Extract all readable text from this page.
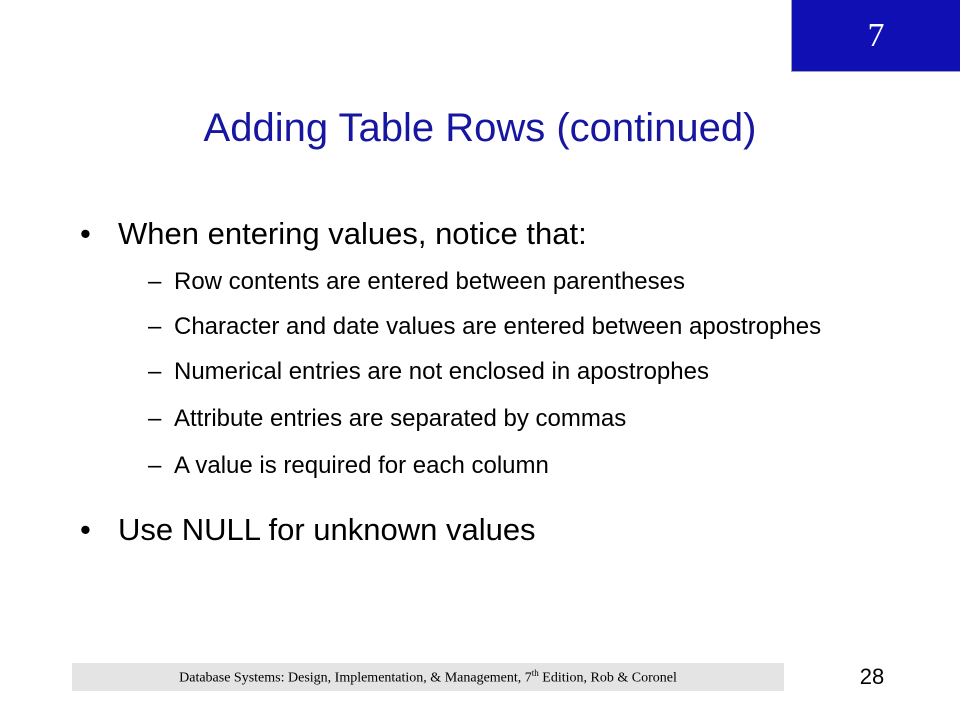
7
Adding Table Rows (continued)
• When entering values, notice that:
– Row contents are entered between parentheses
– Character and date values are entered between apostrophes
– Numerical entries are not enclosed in apostrophes
– Attribute entries are separated by commas
– A value is required for each column
• Use NULL for unknown values
Database Systems: Design, Implementation, & Management, 7th Edition, Rob & Coronel	28
